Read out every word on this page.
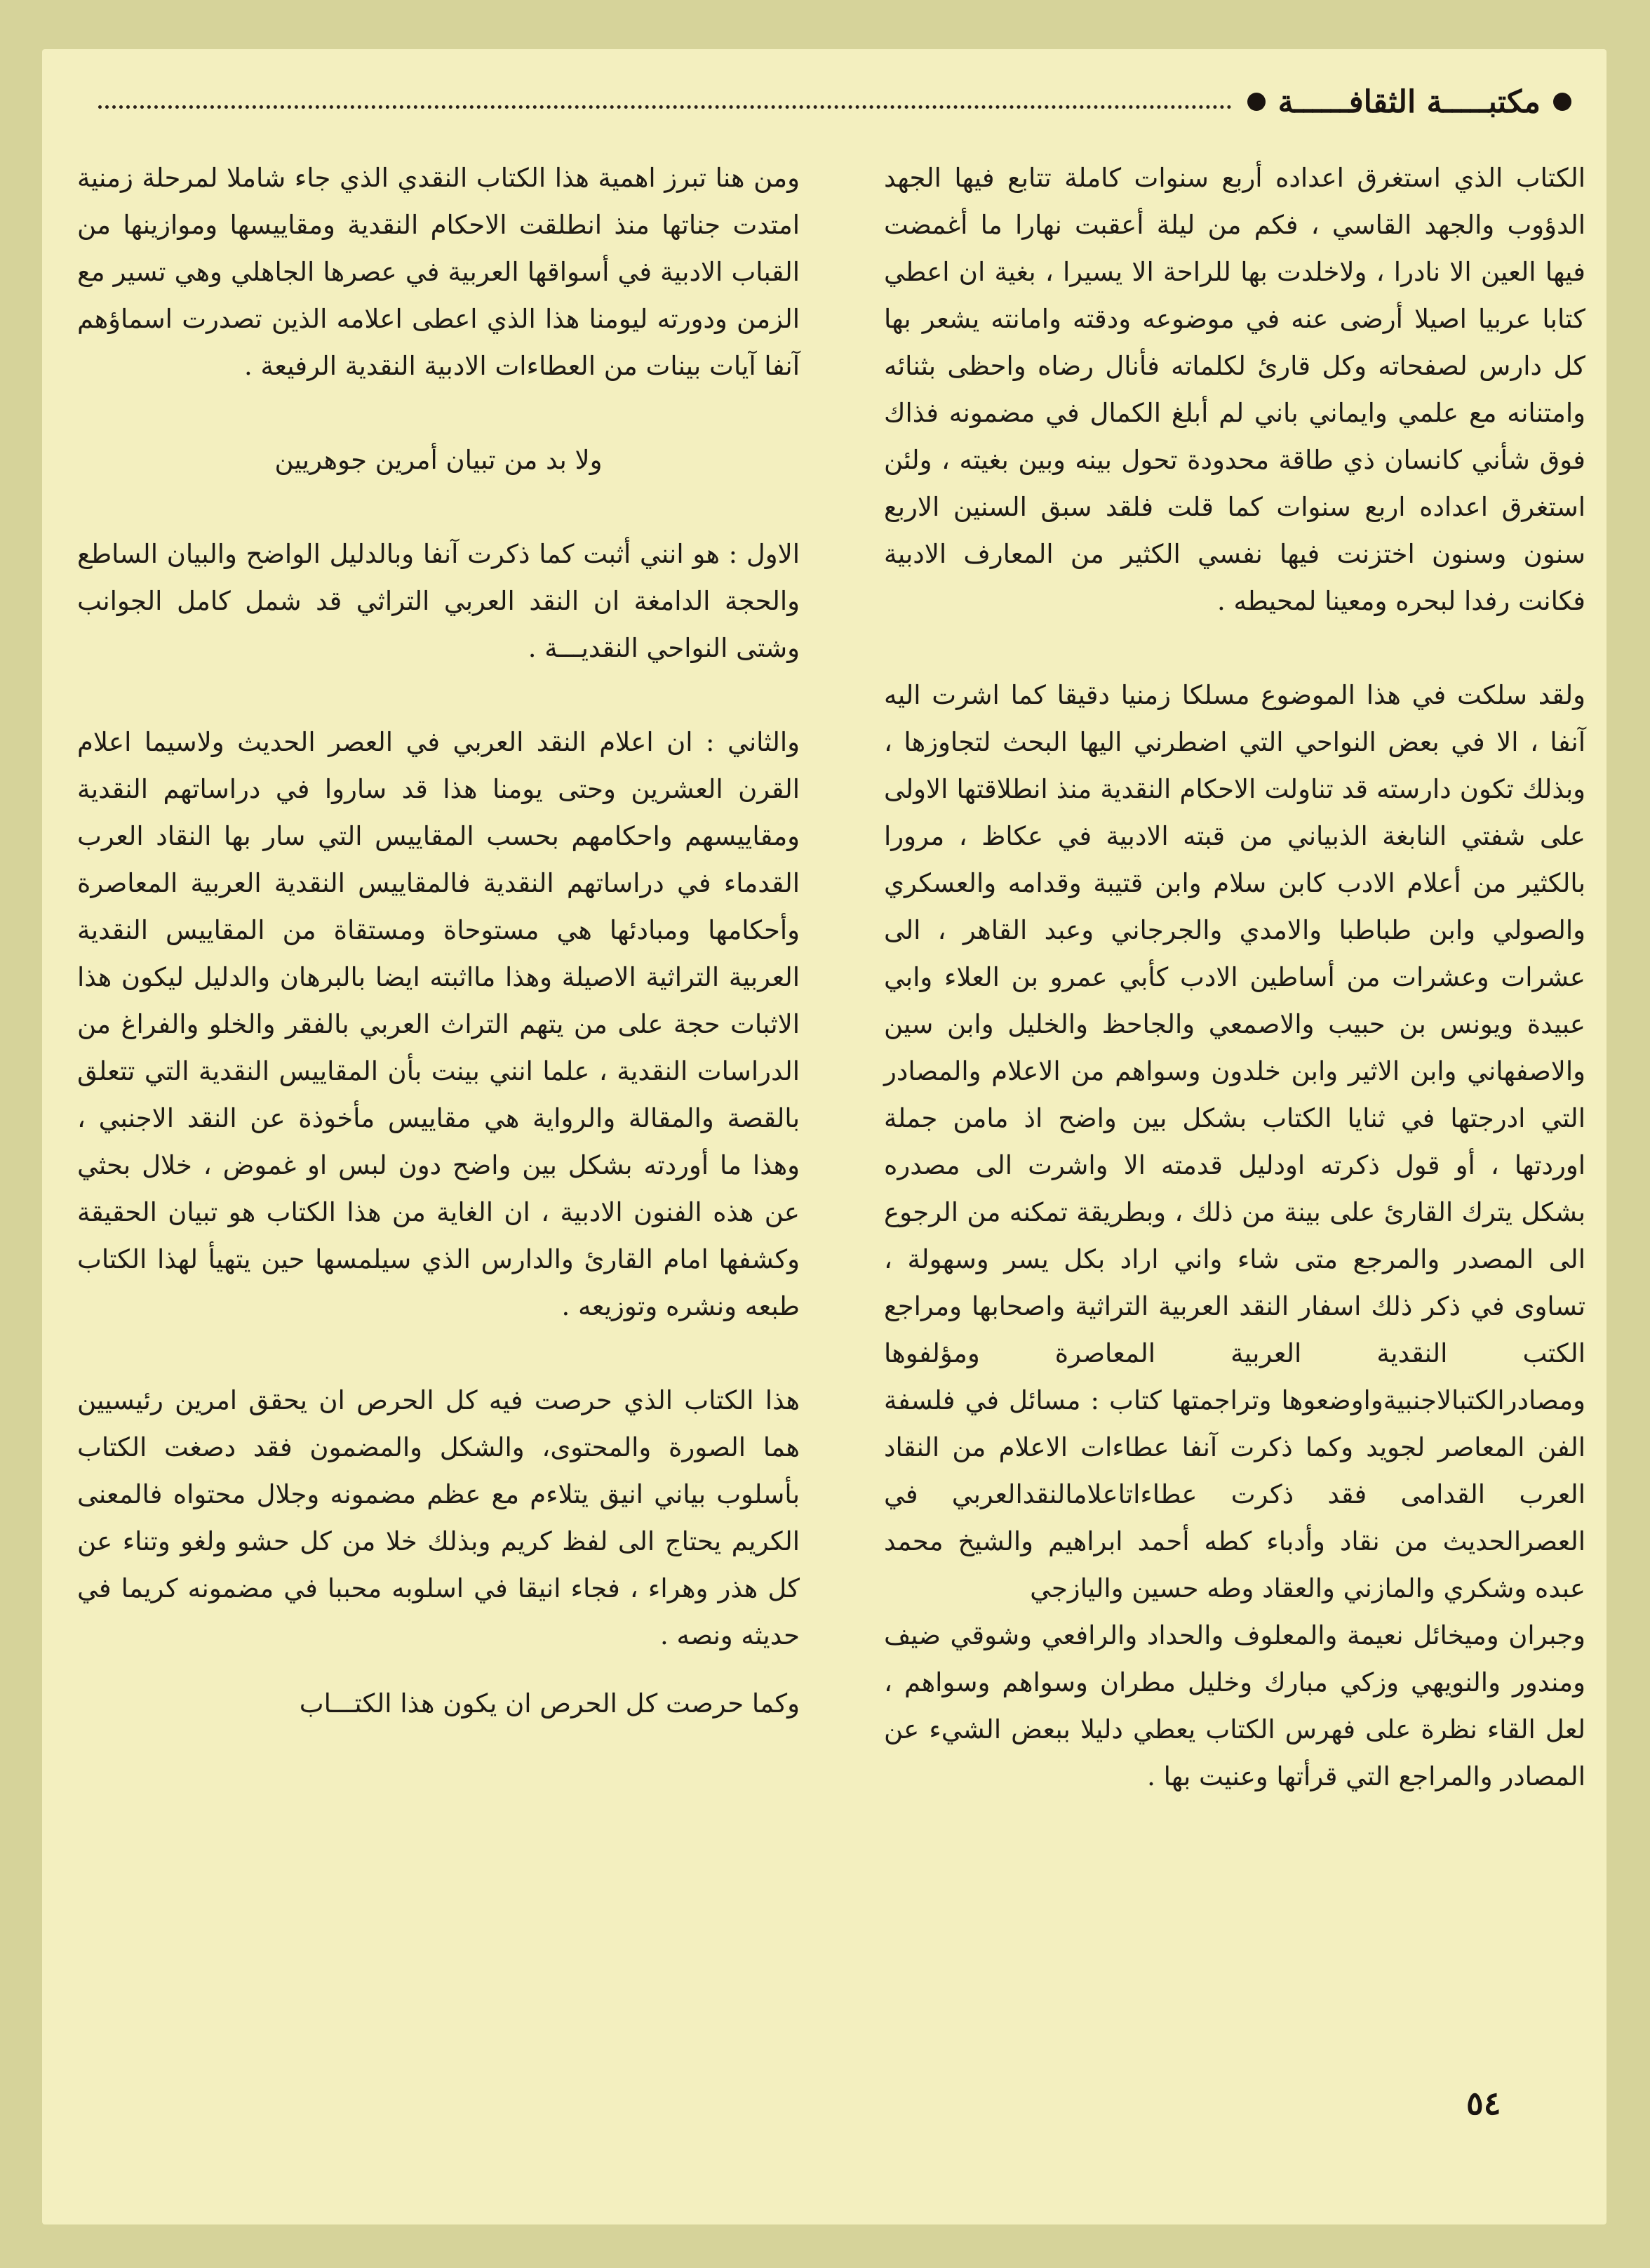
مكتبـــــة الثقافــــــة

الكتاب الذي استغرق اعداده أربع سنوات كاملة تتابع فيها الجهد الدؤوب والجهد القاسي ، فكم من ليلة أعقبت نهارا ما أغمضت فيها العين الا نادرا ، ولاخلدت بها للراحة الا يسيرا ، بغية ان اعطي كتابا عربيا اصيلا أرضى عنه في موضوعه ودقته وامانته يشعر بها كل دارس لصفحاته وكل قارئ لكلماته فأنال رضاه واحظى بثنائه وامتنانه مع علمي وايماني باني لم أبلغ الكمال في مضمونه فذاك فوق شأني كانسان ذي طاقة محدودة تحول بينه وبين بغيته ، ولئن استغرق اعداده اربع سنوات كما قلت فلقد سبق السنين الاربع سنون وسنون اختزنت فيها نفسي الكثير من المعارف الادبية فكانت رفدا لبحره ومعينا لمحيطه .

ولقد سلكت في هذا الموضوع مسلكا زمنيا دقيقا كما اشرت اليه آنفا ، الا في بعض النواحي التي اضطرني اليها البحث لتجاوزها ، وبذلك تكون دارسته قد تناولت الاحكام النقدية منذ انطلاقتها الاولى على شفتي النابغة الذبياني من قبته الادبية في عكاظ ، مرورا بالكثير من أعلام الادب كابن سلام وابن قتيبة وقدامه والعسكري والصولي وابن طباطبا والامدي والجرجاني وعبد القاهر ، الى عشرات وعشرات من أساطين الادب كأبي عمرو بن العلاء وابي عبيدة ويونس بن حبيب والاصمعي والجاحظ والخليل وابن سين والاصفهاني وابن الاثير وابن خلدون وسواهم من الاعلام والمصادر التي ادرجتها في ثنايا الكتاب بشكل بين واضح اذ مامن جملة اوردتها ، أو قول ذكرته اودليل قدمته الا واشرت الى مصدره بشكل يترك القارئ على بينة من ذلك ، وبطريقة تمكنه من الرجوع الى المصدر والمرجع متى شاء واني اراد بكل يسر وسهولة ، تساوى في ذكر ذلك اسفار النقد العربية التراثية واصحابها ومراجع الكتب النقدية العربية المعاصرة ومؤلفوها ومصادرالكتبالاجنبيةواوضعوها وتراجمتها كتاب : مسائل في فلسفة الفن المعاصر لجويد وكما ذكرت آنفا عطاءات الاعلام من النقاد العرب القدامى فقد ذكرت عطاءاتاعلامالنقدالعربي في العصرالحديث من نقاد وأدباء كطه أحمد ابراهيم والشيخ محمد عبده وشكري والمازني والعقاد وطه حسين واليازجي

وجبران وميخائل نعيمة والمعلوف والحداد والرافعي وشوقي ضيف ومندور والنويهي وزكي مبارك وخليل مطران وسواهم وسواهم ، لعل القاء نظرة على فهرس الكتاب يعطي دليلا ببعض الشيء عن المصادر والمراجع التي قرأتها وعنيت بها .

ومن هنا تبرز اهمية هذا الكتاب النقدي الذي جاء شاملا لمرحلة زمنية امتدت جناتها منذ انطلقت الاحكام النقدية ومقاييسها وموازينها من القباب الادبية في أسواقها العربية في عصرها الجاهلي وهي تسير مع الزمن ودورته ليومنا هذا الذي اعطى اعلامه الذين تصدرت اسماؤهم آنفا آيات بينات من العطاءات الادبية النقدية الرفيعة .

ولا بد من تبيان أمرين جوهريين

الاول : هو انني أثبت كما ذكرت آنفا وبالدليل الواضح والبيان الساطع والحجة الدامغة ان النقد العربي التراثي قد شمل كامل الجوانب وشتى النواحي النقديـــة .

والثاني : ان اعلام النقد العربي في العصر الحديث ولاسيما اعلام القرن العشرين وحتى يومنا هذا قد ساروا في دراساتهم النقدية ومقاييسهم واحكامهم بحسب المقاييس التي سار بها النقاد العرب القدماء في دراساتهم النقدية فالمقاييس النقدية العربية المعاصرة وأحكامها ومبادئها هي مستوحاة ومستقاة من المقاييس النقدية العربية التراثية الاصيلة وهذا مااثبته ايضا بالبرهان والدليل ليكون هذا الاثبات حجة على من يتهم التراث العربي بالفقر والخلو والفراغ من الدراسات النقدية ، علما انني بينت بأن المقاييس النقدية التي تتعلق بالقصة والمقالة والرواية هي مقاييس مأخوذة عن النقد الاجنبي ، وهذا ما أوردته بشكل بين واضح دون لبس او غموض ، خلال بحثي عن هذه الفنون الادبية ، ان الغاية من هذا الكتاب هو تبيان الحقيقة وكشفها امام القارئ والدارس الذي سيلمسها حين يتهيأ لهذا الكتاب طبعه ونشره وتوزيعه .

هذا الكتاب الذي حرصت فيه كل الحرص ان يحقق امرين رئيسيين هما الصورة والمحتوى، والشكل والمضمون فقد دصغت الكتاب بأسلوب بياني انيق يتلاءم مع عظم مضمونه وجلال محتواه فالمعنى الكريم يحتاج الى لفظ كريم وبذلك خلا من كل حشو ولغو وتناء عن كل هذر وهراء ، فجاء انيقا في اسلوبه محببا في مضمونه كريما في حديثه ونصه .

وكما حرصت كل الحرص ان يكون هذا الكتـــاب

٥٤
